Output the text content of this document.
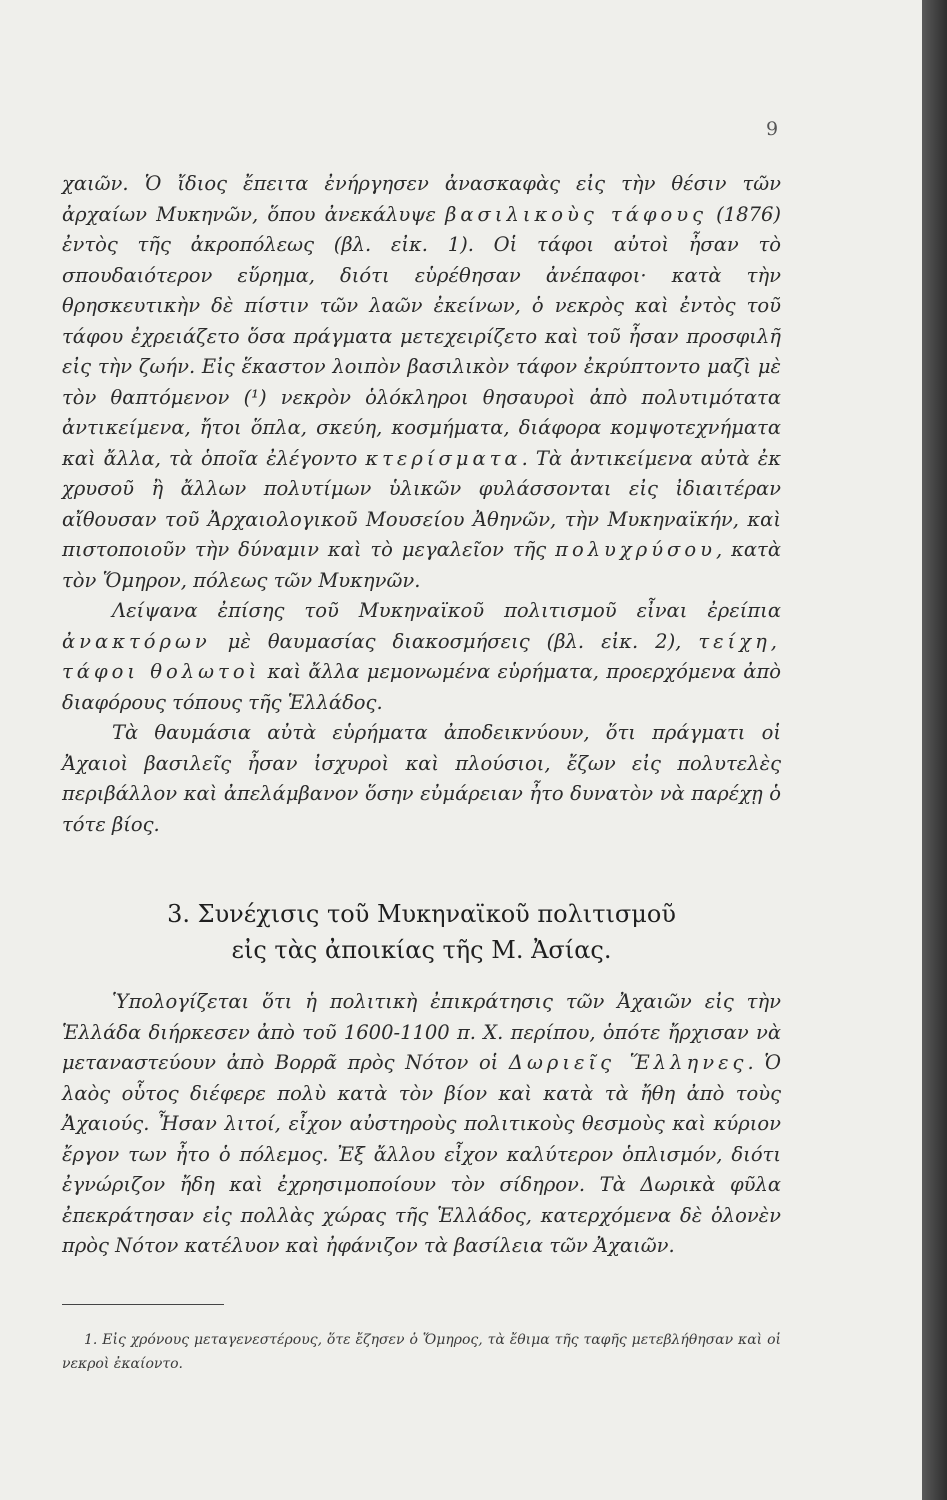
9

χαιῶν. Ὁ ἴδιος ἔπειτα ἐνήργησεν ἀνασκαφὰς εἰς τὴν θέσιν τῶν ἀρχαίων Μυκηνῶν, ὅπου ἀνεκάλυψε βασιλικοὺς τάφους (1876) ἐντὸς τῆς ἀκροπόλεως (βλ. εἰκ. 1). Οἱ τάφοι αὐτοὶ ἦσαν τὸ σπουδαιότερον εὕρημα, διότι εὑρέθησαν ἀνέπαφοι· κατὰ τὴν θρησκευτικὴν δὲ πίστιν τῶν λαῶν ἐκείνων, ὁ νεκρὸς καὶ ἐντὸς τοῦ τάφου ἐχρειάζετο ὅσα πράγματα μετεχειρίζετο καὶ τοῦ ἦσαν προσφιλῆ εἰς τὴν ζωήν. Εἰς ἕκαστον λοιπὸν βασιλικὸν τάφον ἐκρύπτοντο μαζὶ μὲ τὸν θαπτόμενον (¹) νεκρὸν ὁλόκληροι θησαυροὶ ἀπὸ πολυτιμότατα ἀντικείμενα, ἤτοι ὅπλα, σκεύη, κοσμήματα, διάφορα κομψοτεχνήματα καὶ ἄλλα, τὰ ὁποῖα ἐλέγοντο κτερίσματα. Τὰ ἀντικείμενα αὐτὰ ἐκ χρυσοῦ ἢ ἄλλων πολυτίμων ὑλικῶν φυλάσσονται εἰς ἰδιαιτέραν αἴθουσαν τοῦ Ἀρχαιολογικοῦ Μουσείου Ἀθηνῶν, τὴν Μυκηναϊκήν, καὶ πιστοποιοῦν τὴν δύναμιν καὶ τὸ μεγαλεῖον τῆς πολυχρύσου, κατὰ τὸν Ὅμηρον, πόλεως τῶν Μυκηνῶν.

Λείψανα ἐπίσης τοῦ Μυκηναϊκοῦ πολιτισμοῦ εἶναι ἐρείπια ἀνακτόρων μὲ θαυμασίας διακοσμήσεις (βλ. εἰκ. 2), τείχη, τάφοι θολωτοὶ καὶ ἄλλα μεμονωμένα εὑρήματα, προερχόμενα ἀπὸ διαφόρους τόπους τῆς Ἑλλάδος.

Τὰ θαυμάσια αὐτὰ εὑρήματα ἀποδεικνύουν, ὅτι πράγματι οἱ Ἀχαιοὶ βασιλεῖς ἦσαν ἰσχυροὶ καὶ πλούσιοι, ἔζων εἰς πολυτελὲς περιβάλλον καὶ ἀπελάμβανον ὅσην εὐμάρειαν ἦτο δυνατὸν νὰ παρέχῃ ὁ τότε βίος.

3. Συνέχισις τοῦ Μυκηναϊκοῦ πολιτισμοῦ
εἰς τὰς ἀποικίας τῆς Μ. Ἀσίας.

Ὑπολογίζεται ὅτι ἡ πολιτικὴ ἐπικράτησις τῶν Ἀχαιῶν εἰς τὴν Ἑλλάδα διήρκεσεν ἀπὸ τοῦ 1600-1100 π. Χ. περίπου, ὁπότε ἤρχισαν νὰ μεταναστεύουν ἀπὸ Βορρᾶ πρὸς Νότον οἱ Δωριεῖς Ἕλληνες. Ὁ λαὸς οὗτος διέφερε πολὺ κατὰ τὸν βίον καὶ κατὰ τὰ ἤθη ἀπὸ τοὺς Ἀχαιούς. Ἦσαν λιτοί, εἶχον αὐστηροὺς πολιτικοὺς θεσμοὺς καὶ κύριον ἔργον των ἦτο ὁ πόλεμος. Ἐξ ἄλλου εἶχον καλύτερον ὁπλισμόν, διότι ἐγνώριζον ἤδη καὶ ἐχρησιμοποίουν τὸν σίδηρον. Τὰ Δωρικὰ φῦλα ἐπεκράτησαν εἰς πολλὰς χώρας τῆς Ἑλλάδος, κατερχόμενα δὲ ὁλονὲν πρὸς Νότον κατέλυον καὶ ἠφάνιζον τὰ βασίλεια τῶν Ἀχαιῶν.

1. Εἰς χρόνους μεταγενεστέρους, ὅτε ἔζησεν ὁ Ὅμηρος, τὰ ἔθιμα τῆς ταφῆς μετεβλήθησαν καὶ οἱ νεκροὶ ἐκαίοντο.
